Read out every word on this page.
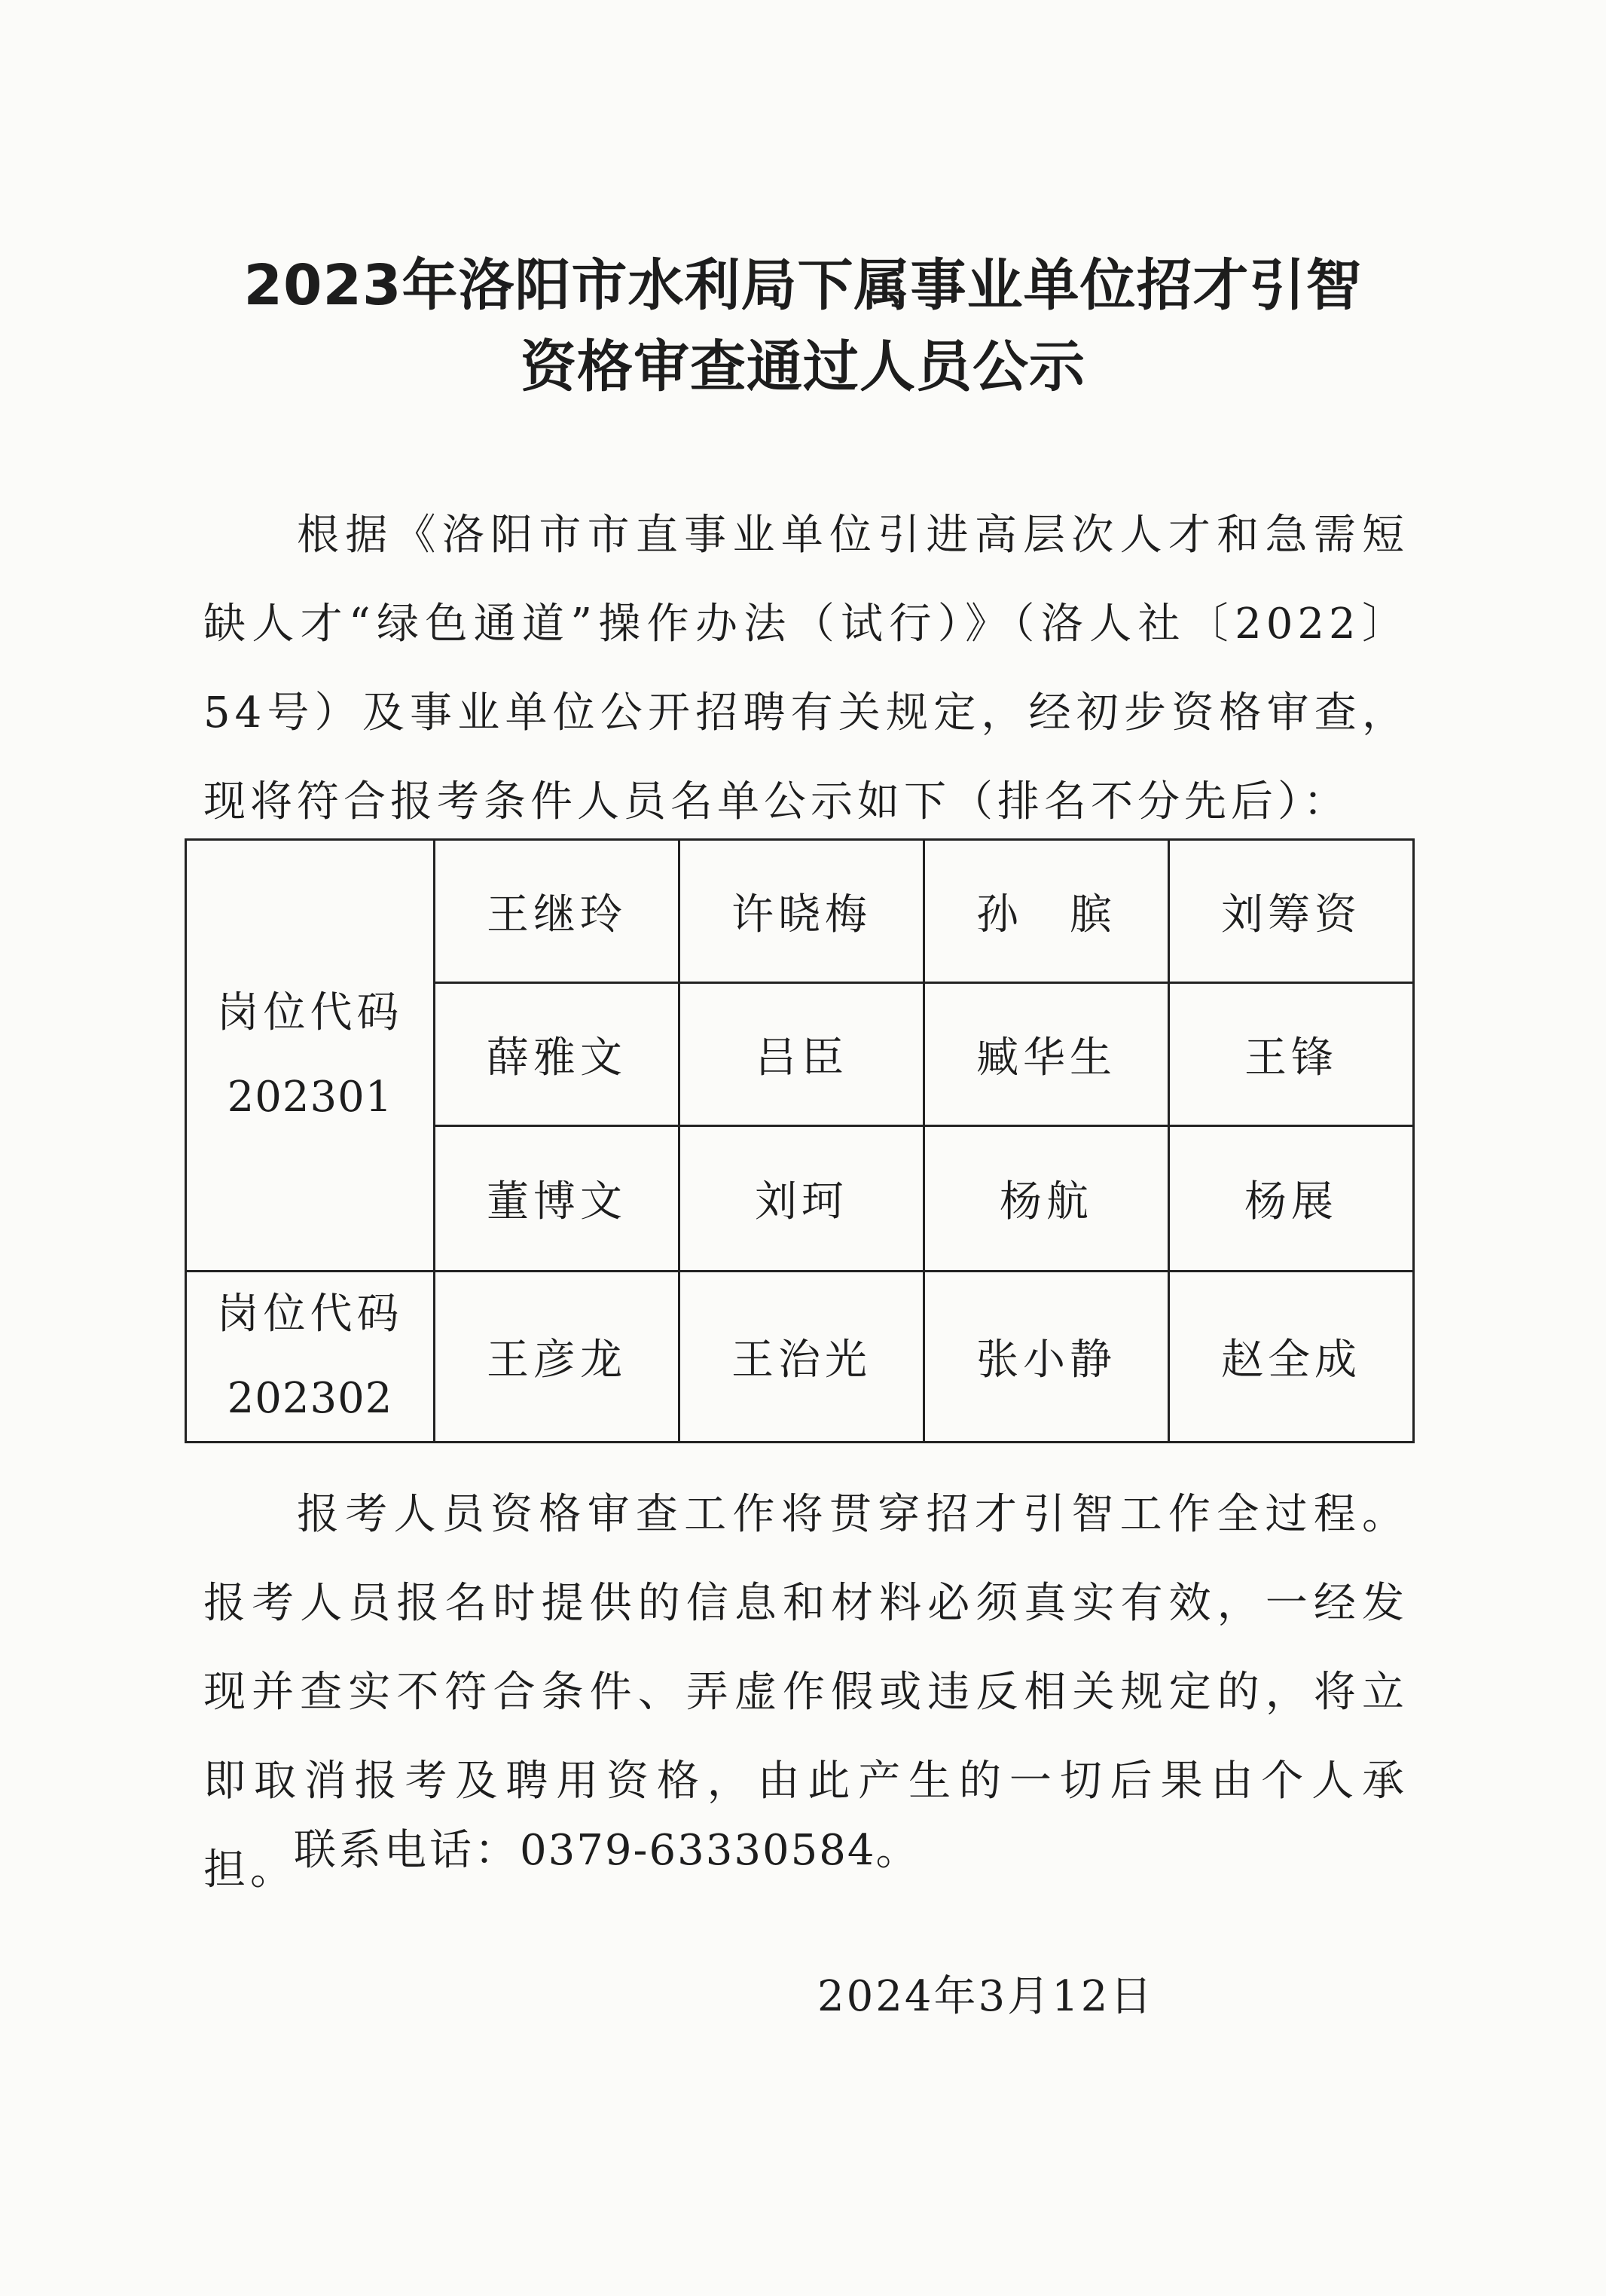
2023年洛阳市水利局下属事业单位招才引智
资格审查通过人员公示

根据《洛阳市市直事业单位引进高层次人才和急需短缺人才“绿色通道”操作办法（试行）》（洛人社〔2022〕54号）及事业单位公开招聘有关规定，经初步资格审查，现将符合报考条件人员名单公示如下（排名不分先后）：

岗位代码
202301	王继玲	许晓梅	孙　膑	刘筹资
	薛雅文	吕臣	臧华生	王锋
	董博文	刘珂	杨航	杨展

岗位代码
202302	王彦龙	王治光	张小静	赵全成

报考人员资格审查工作将贯穿招才引智工作全过程。报考人员报名时提供的信息和材料必须真实有效，一经发现并查实不符合条件、弄虚作假或违反相关规定的，将立即取消报考及聘用资格，由此产生的一切后果由个人承担。

联系电话：0379-63330584。

2024年3月12日
